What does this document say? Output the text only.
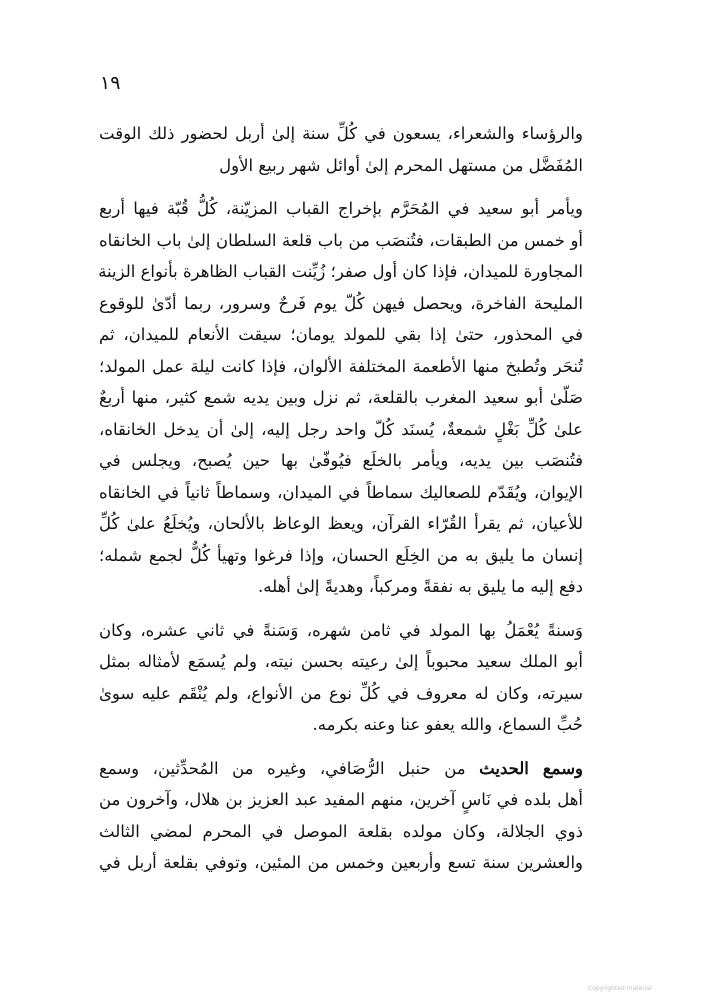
١٩

والرؤساء والشعراء، يسعون في كُلِّ سنة إلىٰ أربل لحضور ذلك الوقت
المُفَضَّل من مستهل المحرم إلىٰ أوائل شهر ربيع الأول

ويأمر أبو سعيد في المُحَرَّم بإخراج القباب المزيّنة، كُلُّ قُبّة فيها أربع
أو خمس من الطبقات، فتُنصَب من باب قلعة السلطان إلىٰ باب الخانقاه
المجاورة للميدان، فإذا كان أول صفر؛ زُيِّنت القباب الظاهرة بأنواع الزينة
المليحة الفاخرة، ويحصل فيهن كُلّ يوم فَرحٌ وسرور، ربما أدّىٰ للوقوع
في المحذور، حتىٰ إذا بقي للمولد يومان؛ سيقت الأنعام للميدان، ثم
تُنحَر وتُطبخ منها الأطعمة المختلفة الألوان، فإذا كانت ليلة عمل المولد؛
صَلّىٰ أبو سعيد المغرب بالقلعة، ثم نزل وبين يديه شمع كثير، منها أربعٌ
علىٰ كُلِّ بَغْلٍ شمعةٌ، يُسنَد كُلّ واحد رجل إليه، إلىٰ أن يدخل الخانقاه،
فتُنصَب بين يديه، ويأمر بالخلَع فيُوفّىٰ بها حين يُصبح، ويجلس في
الإيوان، ويُقَدّم للصعاليك سماطاً في الميدان، وسماطاً ثانياً في الخانقاه
للأعيان، ثم يقرأ القُرّاء القرآن، ويعظ الوعاظ بالألحان، ويُخلَعُ علىٰ كُلِّ
إنسان ما يليق به من الخِلَع الحسان، وإذا فرغوا وتهيأ كُلٌّ لجمع شمله؛
دفع إليه ما يليق به نفقةً ومركباً، وهديةً إلىٰ أهله.

وَسنةً يُعْمَلُ بها المولد في ثامن شهره، وَسَنةً في ثاني عشره، وكان
أبو الملك سعيد محبوباً إلىٰ رعيته بحسن نيته، ولم يُسمَع لأمثاله بمثل
سيرته، وكان له معروف في كُلِّ نوع من الأنواع، ولم يُنْقَم عليه سوىٰ
حُبِّ السماع، والله يعفو عنا وعنه بكرمه.

وسمع الحديث من حنبل الرُّصَافي، وغيره من المُحدِّثين، وسمع
أهل بلده في نَاسٍ آخرين، منهم المفيد عبد العزيز بن هلال، وآخرون من
ذوي الجلالة، وكان مولده بقلعة الموصل في المحرم لمضي الثالث
والعشرين سنة تسع وأربعين وخمس من المئين، وتوفي بقلعة أربل في

Copyrighted material
